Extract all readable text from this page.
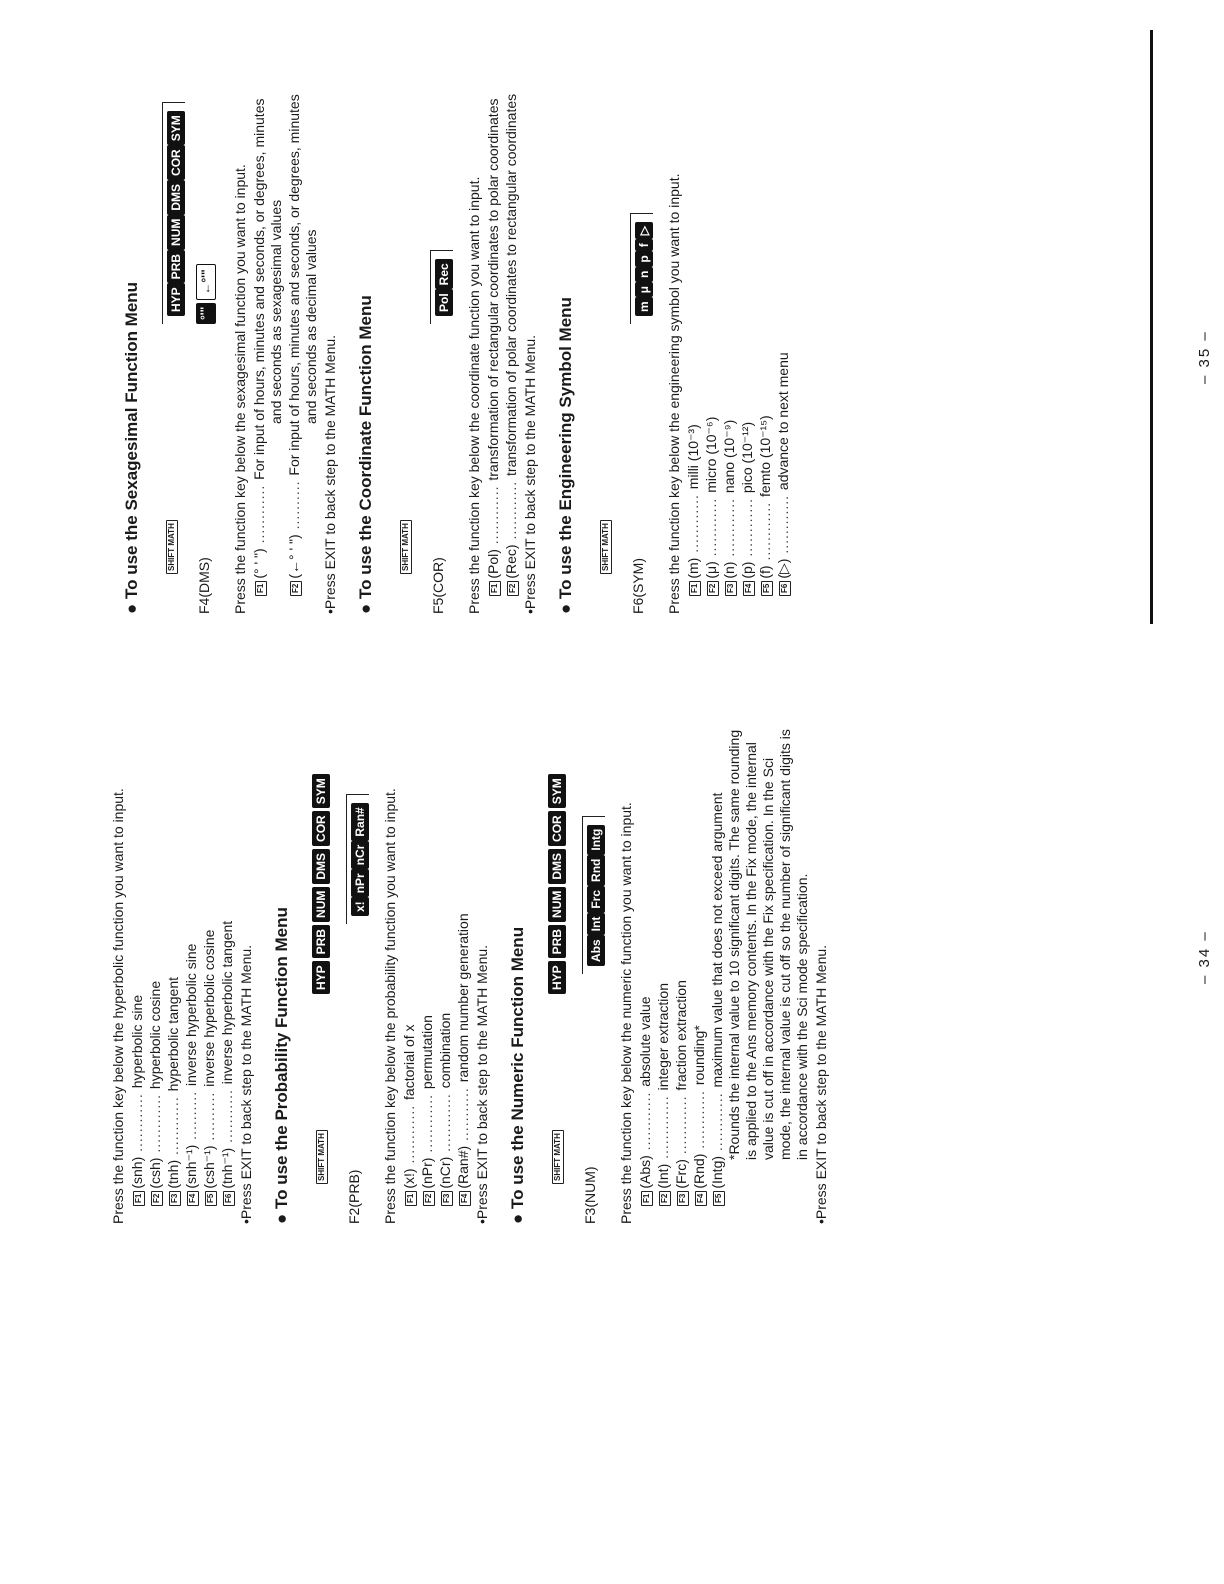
Press the function key below the hyperbolic function you want to input.	F1(snh) ............ hyperbolic sine
F2(csh) ............ hyperbolic cosine
F3(tnh) ............ hyperbolic tangent
F4(snh⁻¹) .......... inverse hyperbolic sine
F5(csh⁻¹) .......... inverse hyperbolic cosine
F6(tnh⁻¹) ........... inverse hyperbolic tangent •Press EXIT to back step to the MATH Menu. ● To use the Probability Function Menu	SHIFT MATH
HYP
PRB
NUM
DMS
COR
SYM
F2(PRB)
x!nPrnCrRan# Press the function key below the probability function you want to input.	F1(x!) ............ factorial of x
F2(nPr) ............ permutation
F3(nCr) ............ combination
F4(Ran#) ........... random number generation •Press EXIT to back step to the MATH Menu. ● To use the Numeric Function Menu	SHIFT MATH
HYP
PRB
NUM
DMS
COR
SYM
F3(NUM)
AbsIntFrcRndIntg Press the function key below the numeric function you want to input.	F1(Abs) ............ absolute value
F2(Int) ............. integer extraction
F3(Frc) ............ fraction extraction
F4(Rnd) ............ rounding*
F5(Intg) ............ maximum value that does not exceed argument *Rounds the internal value to 10 significant digits. The same rounding is applied to the Ans memory contents. In the Fix mode, the internal value is cut off in accordance with the Fix specification. In the Sci mode, the internal value is cut off so the number of significant digits is in accordance with the Sci mode specification. •Press EXIT to back step to the MATH Menu.	– 34 –
● To use the Sexagesimal Function Menu	SHIFT MATH
HYPPRBNUMDMSCORSYM
F4(DMS)
°'"
←°'" Press the function key below the sexagesimal function you want to input.	F1(° ' ") ............ For input of hours, minutes and seconds, or degrees, minutes and seconds as sexagesimal values
F2(←° ' ") .......... For input of hours, minutes and seconds, or degrees, minutes and seconds as decimal values
•Press EXIT to back step to the MATH Menu. ● To use the Coordinate Function Menu	SHIFT MATH
F5(COR)
PolRec Press the function key below the coordinate function you want to input.	F1(Pol) ............ transformation of rectangular coordinates to polar coordinates
F2(Rec) ............ transformation of polar coordinates to rectangular coordinates •Press EXIT to back step to the MATH Menu. ● To use the Engineering Symbol Menu	SHIFT MATH
F6(SYM)
mμnpf▷ Press the function key below the engineering symbol you want to input.	F1(m) ............ milli (10⁻³)
F2(μ) ............ micro (10⁻⁶)
F3(n) ............ nano (10⁻⁹)
F4(p) ............ pico (10⁻¹²)
F5(f) ............ femto (10⁻¹⁵)
F6(▷) ............ advance to next menu	– 35 –
